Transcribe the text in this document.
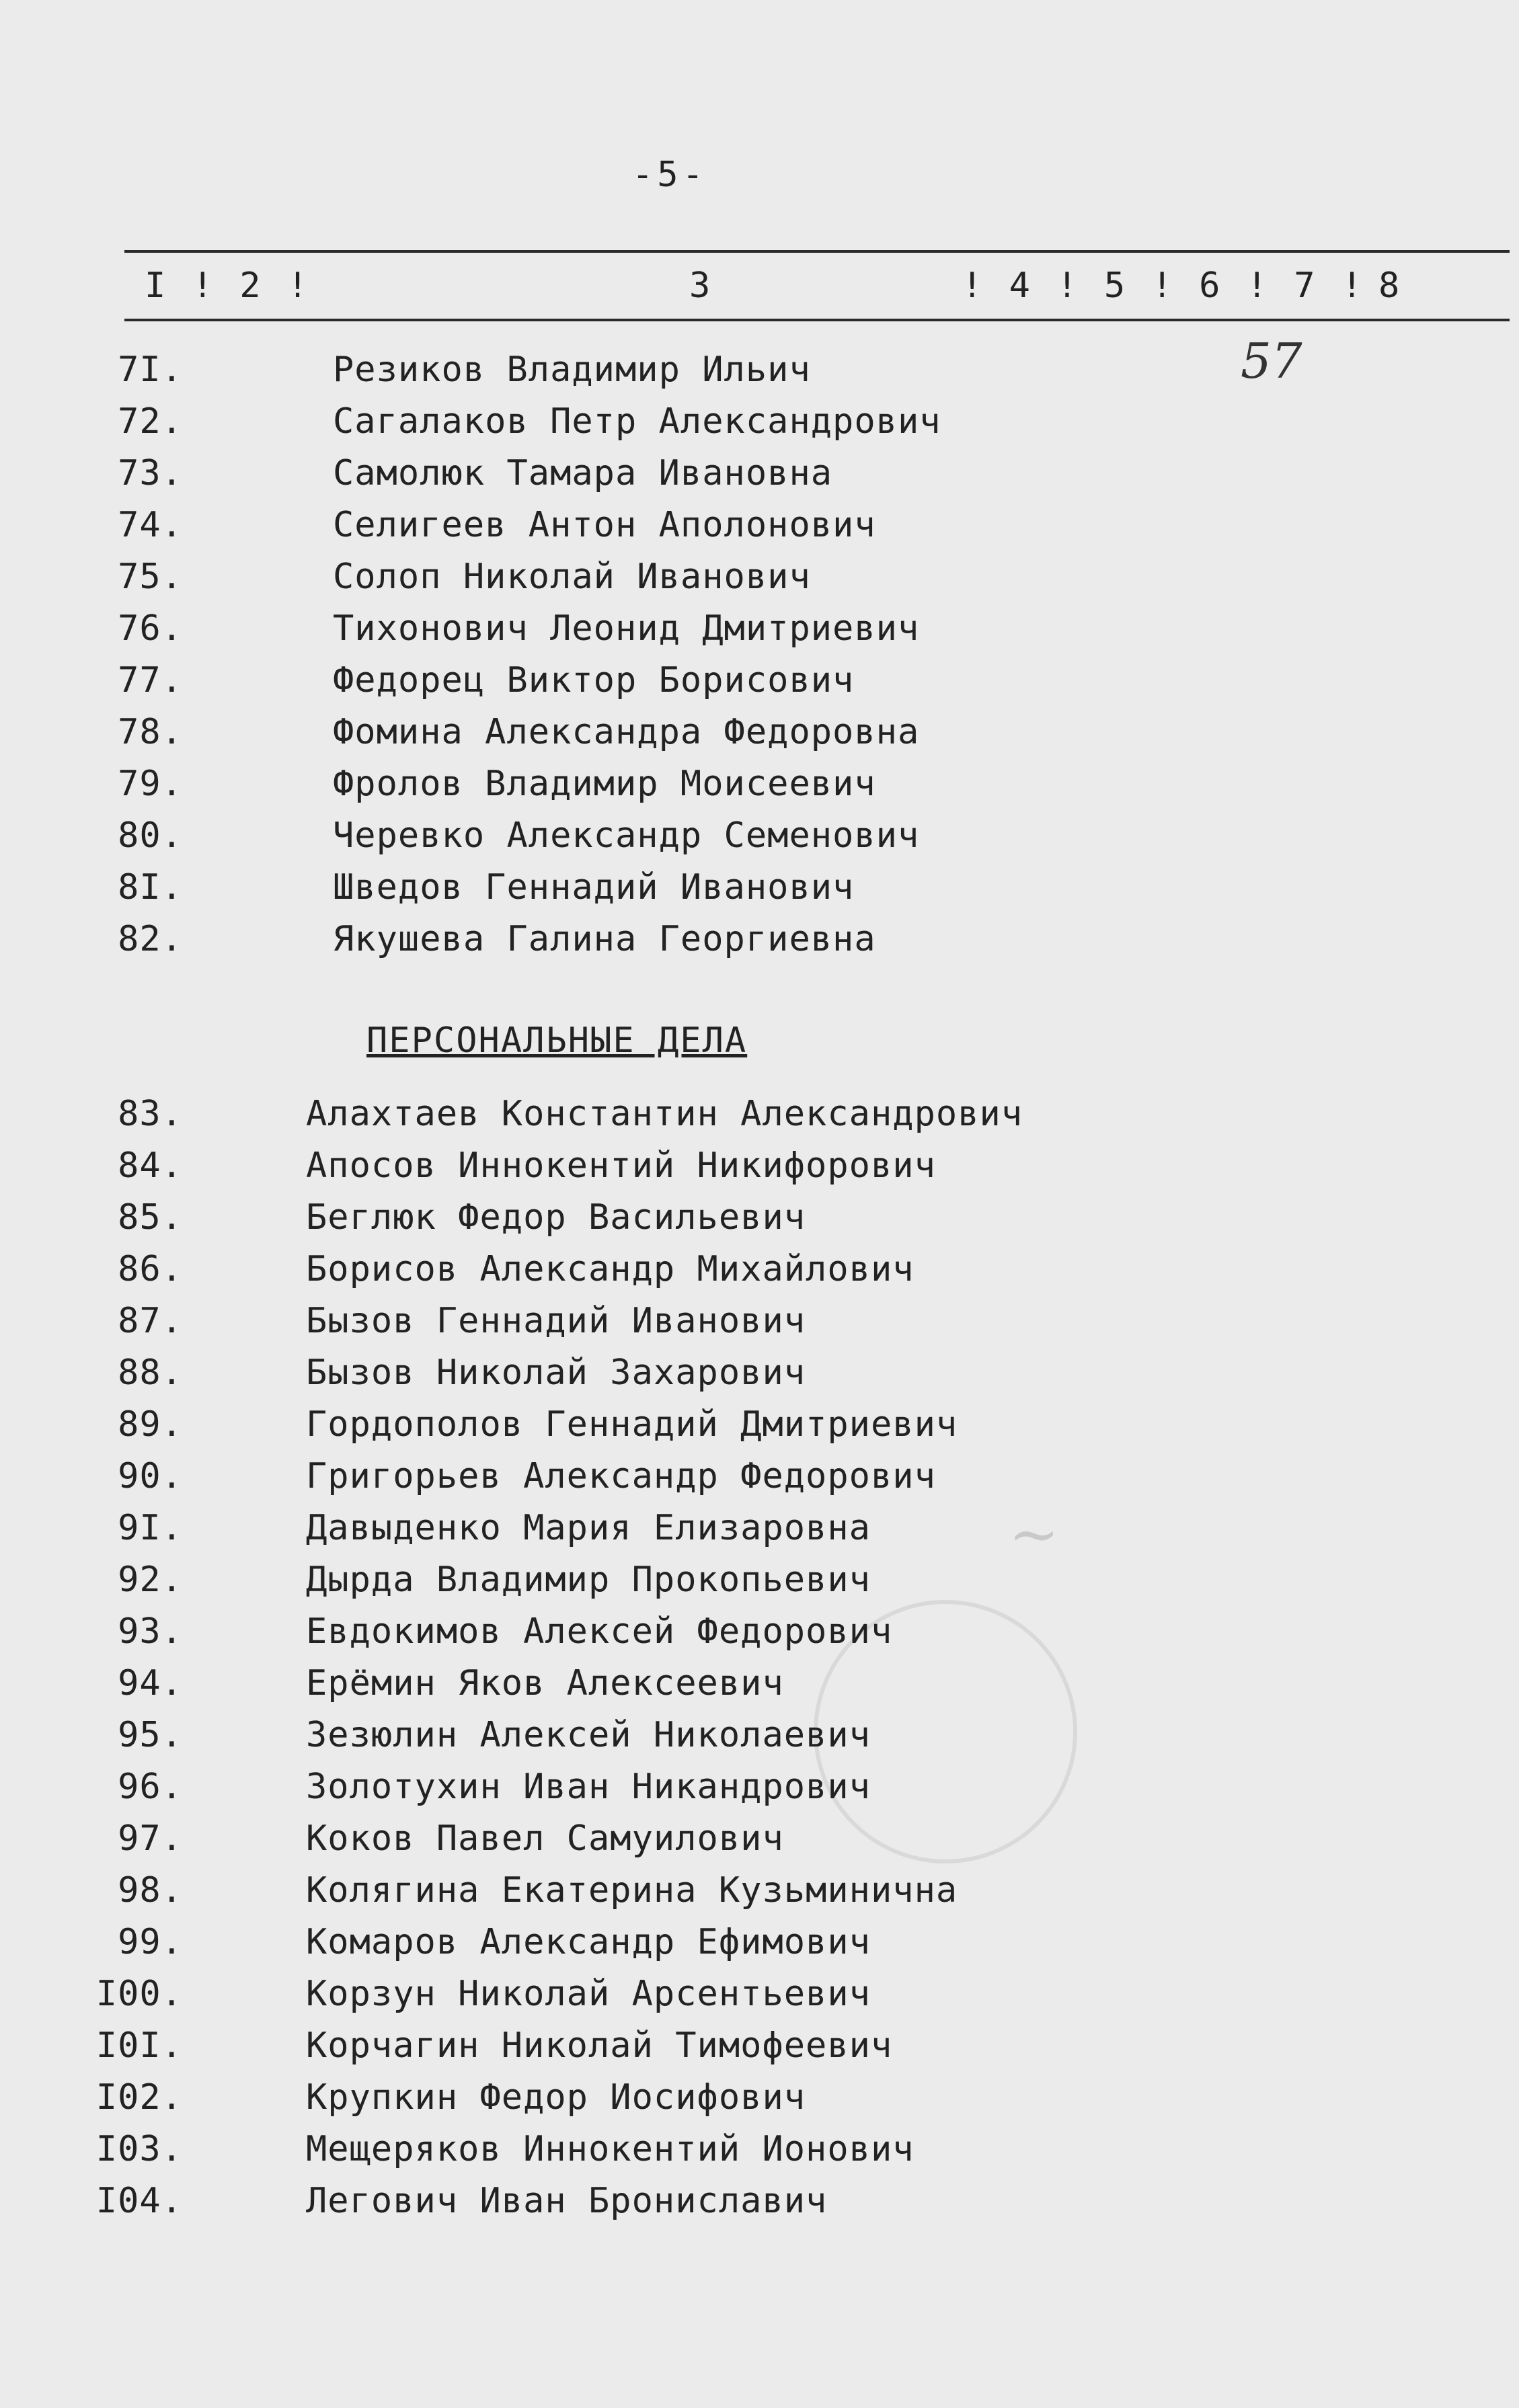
-5-
I ! 2 !	3	! 4 ! 5 ! 6 ! 7 ! 8
57
~
7I.	Резиков Владимир Ильич
72.	Сагалаков Петр Александрович
73.	Самолюк Тамара Ивановна
74.	Селигеев Антон Аполонович
75.	Солоп Николай Иванович
76.	Тихонович Леонид Дмитриевич
77.	Федорец Виктор Борисович
78.	Фомина Александра Федоровна
79.	Фролов Владимир Моисеевич
80.	Черевко Александр Семенович
8I.	Шведов Геннадий Иванович
82.	Якушева Галина Георгиевна
ПЕРСОНАЛЬНЫЕ ДЕЛА
83.	Алахтаев Константин Александрович
84.	Апосов Иннокентий Никифорович
85.	Беглюк Федор Васильевич
86.	Борисов Александр Михайлович
87.	Бызов Геннадий Иванович
88.	Бызов Николай Захарович
89.	Гордополов Геннадий Дмитриевич
90.	Григорьев Александр Федорович
9I.	Давыденко Мария Елизаровна
92.	Дырда Владимир Прокопьевич
93.	Евдокимов Алексей Федорович
94.	Ерёмин Яков Алексеевич
95.	Зезюлин Алексей Николаевич
96.	Золотухин Иван Никандрович
97.	Коков Павел Самуилович
98.	Колягина Екатерина Кузьминична
99.	Комаров Александр Ефимович
I00.	Корзун Николай Арсентьевич
I0I.	Корчагин Николай Тимофеевич
I02.	Крупкин Федор Иосифович
I03.	Мещеряков Иннокентий Ионович
I04.	Легович Иван Брониславич
